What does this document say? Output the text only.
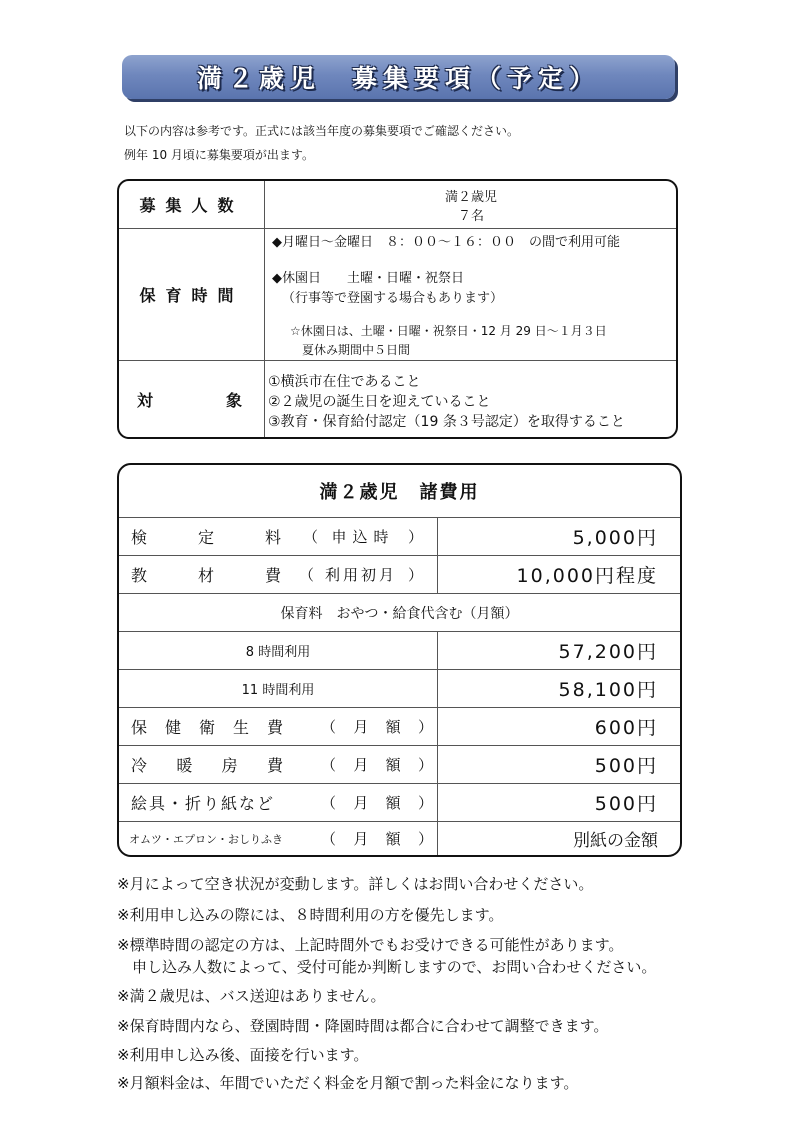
満２歳児　募集要項（予定）
以下の内容は参考です。正式には該当年度の募集要項でご確認ください。
例年 10 月頃に募集要項が出ます。
募集人数	満２歳児
７名
保育時間
◆月曜日～金曜日　８：００～１６：００　の間で利用可能
◆休園日　　土曜・日曜・祝祭日
（行事等で登園する場合もあります）
☆休園日は、土曜・日曜・祝祭日・12 月 29 日～１月３日
夏休み期間中５日間
対	象
①横浜市在住であること
②２歳児の誕生日を迎えていること
③教育・保育給付認定（19 条３号認定）を取得すること
満２歳児　諸費用
検	定	料 （ 申込時 ）	5,000円
教	材	費 （ 利用初月 ）	10,000円程度
保育料　おやつ・給食代含む（月額）
8 時間利用	57,200円
11 時間利用	58,100円
保 健 衛 生 費	（ 月 額 ）	600円
冷 暖 房 費	（ 月 額 ）	500円
絵具・折り紙など	（ 月 額 ）	500円
オムツ・エプロン・おしりふき	（ 月 額 ）	別紙の金額
※月によって空き状況が変動します。詳しくはお問い合わせください。
※利用申し込みの際には、８時間利用の方を優先します。
※標準時間の認定の方は、上記時間外でもお受けできる可能性があります。
　申し込み人数によって、受付可能か判断しますので、お問い合わせください。
※満２歳児は、バス送迎はありません。
※保育時間内なら、登園時間・降園時間は都合に合わせて調整できます。
※利用申し込み後、面接を行います。
※月額料金は、年間でいただく料金を月額で割った料金になります。
